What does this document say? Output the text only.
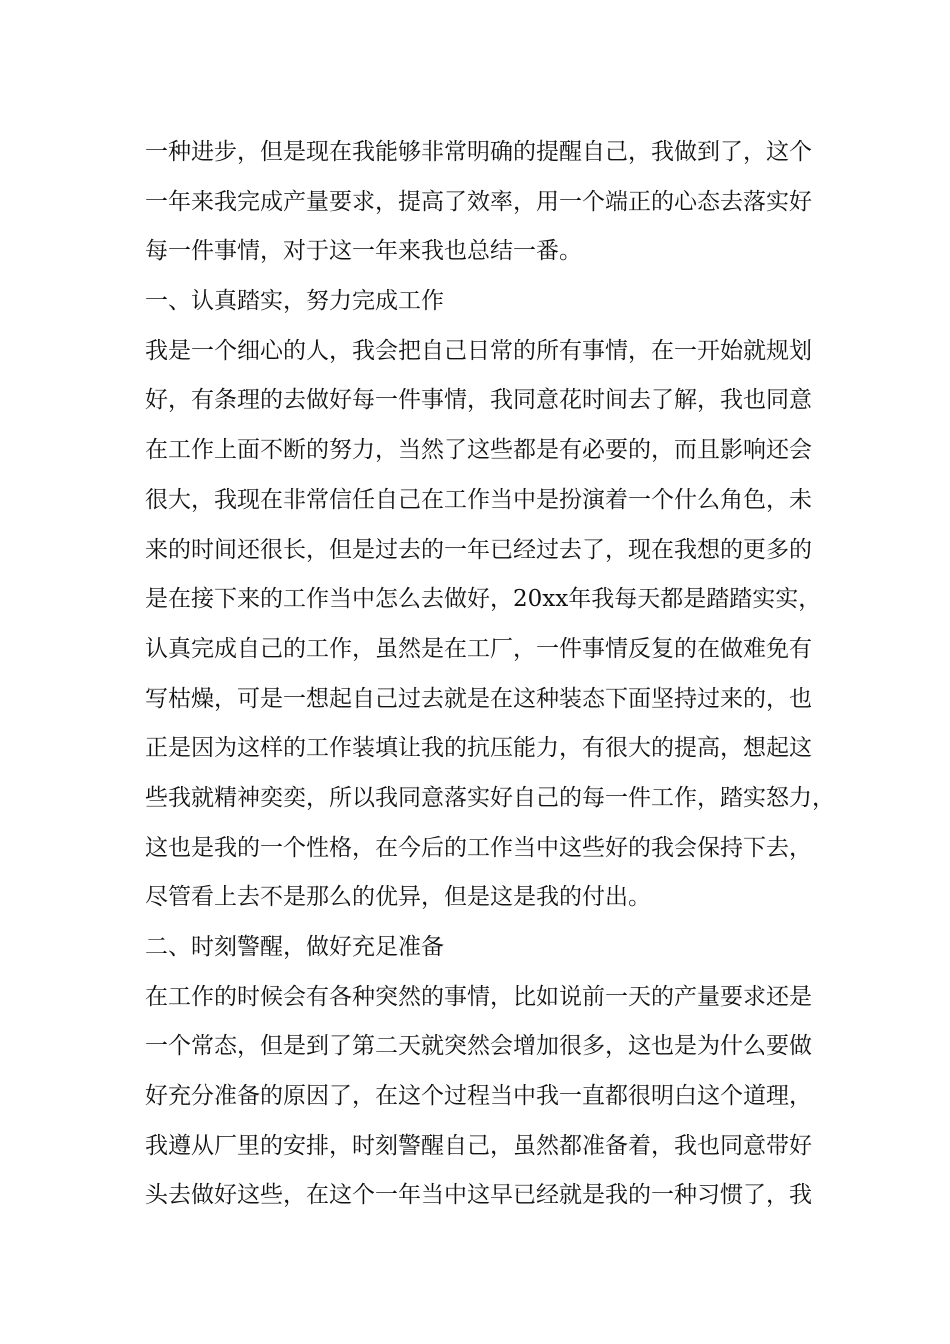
一种进步，但是现在我能够非常明确的提醒自己，我做到了，这个
一年来我完成产量要求，提高了效率，用一个端正的心态去落实好
每一件事情，对于这一年来我也总结一番。
一、认真踏实，努力完成工作
我是一个细心的人，我会把自己日常的所有事情，在一开始就规划
好，有条理的去做好每一件事情，我同意花时间去了解，我也同意
在工作上面不断的努力，当然了这些都是有必要的，而且影响还会
很大，我现在非常信任自己在工作当中是扮演着一个什么角色，未
来的时间还很长，但是过去的一年已经过去了，现在我想的更多的
是在接下来的工作当中怎么去做好，20xx年我每天都是踏踏实实，
认真完成自己的工作，虽然是在工厂，一件事情反复的在做难免有
写枯燥，可是一想起自己过去就是在这种装态下面坚持过来的，也
正是因为这样的工作装填让我的抗压能力，有很大的提高，想起这
些我就精神奕奕，所以我同意落实好自己的每一件工作，踏实怒力，
这也是我的一个性格，在今后的工作当中这些好的我会保持下去，
尽管看上去不是那么的优异，但是这是我的付出。
二、时刻警醒，做好充足准备
在工作的时候会有各种突然的事情，比如说前一天的产量要求还是
一个常态，但是到了第二天就突然会增加很多，这也是为什么要做
好充分准备的原因了，在这个过程当中我一直都很明白这个道理，
我遵从厂里的安排，时刻警醒自己，虽然都准备着，我也同意带好
头去做好这些，在这个一年当中这早已经就是我的一种习惯了，我
